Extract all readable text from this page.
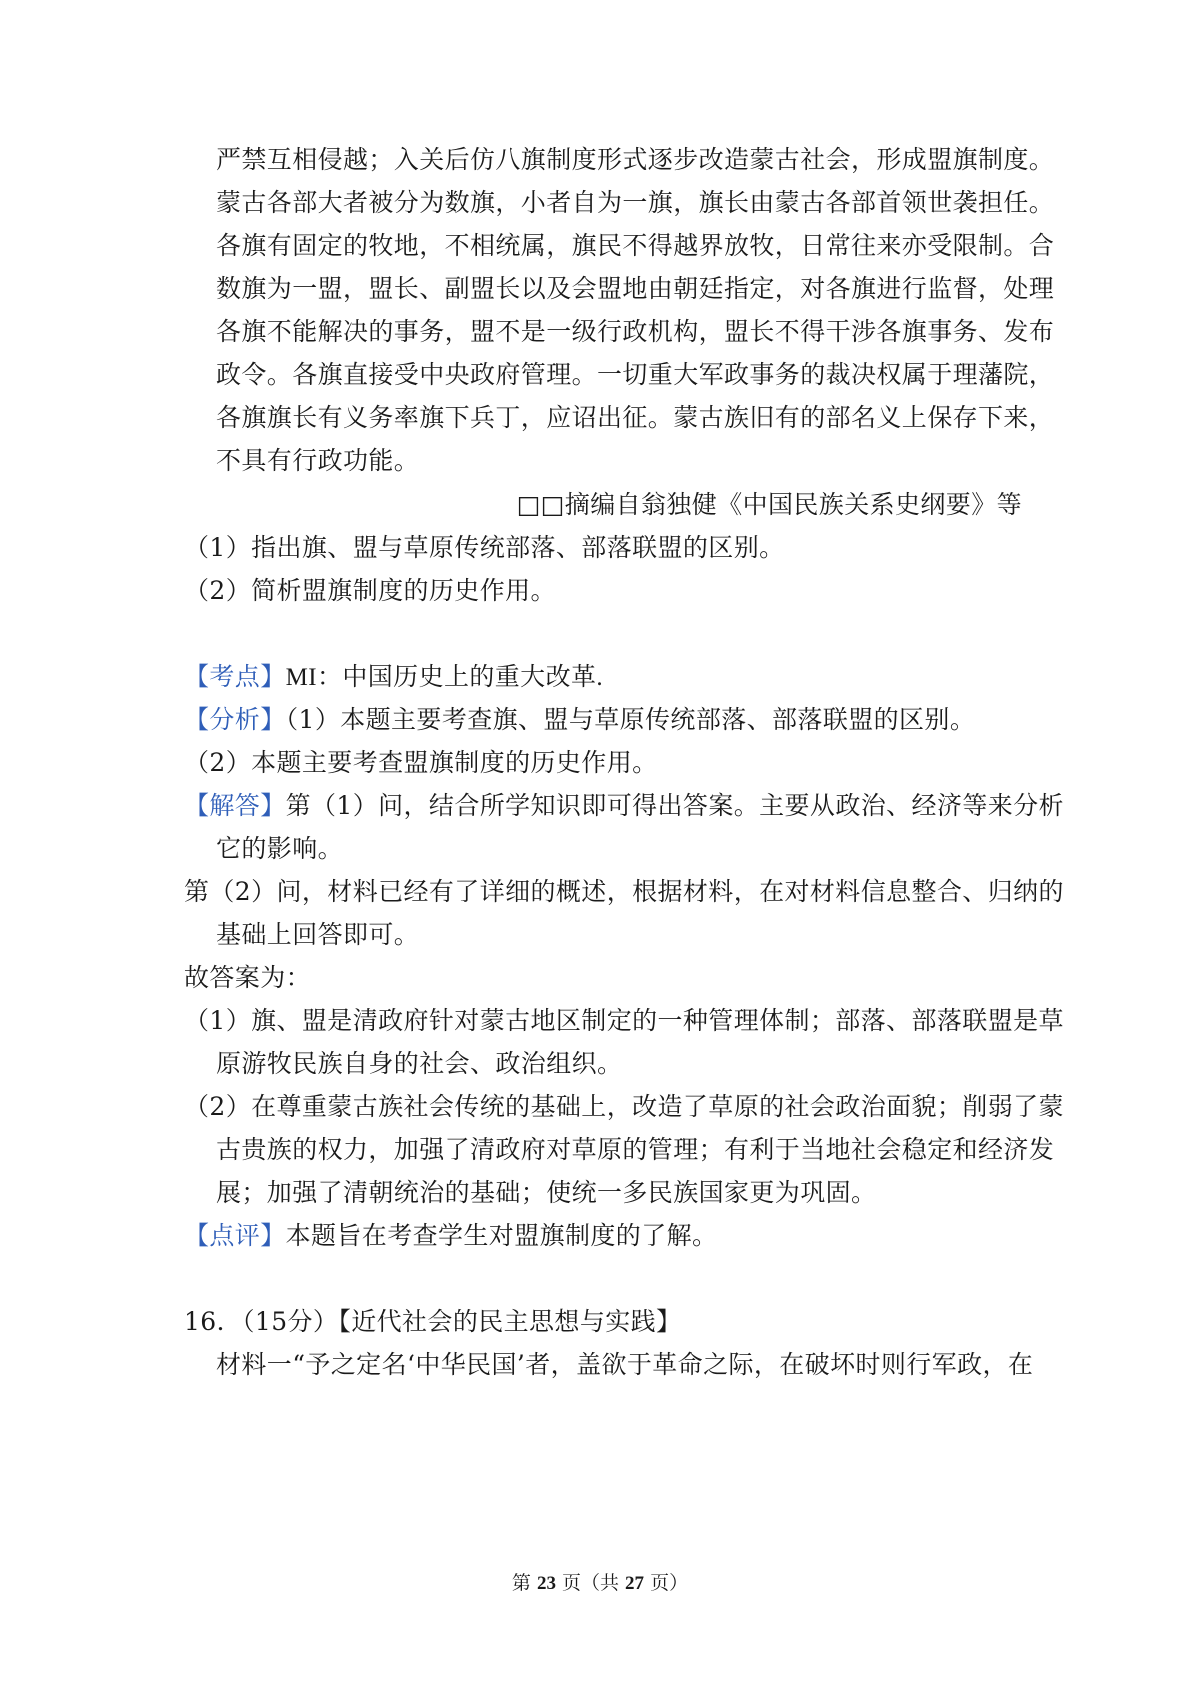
严禁互相侵越；入关后仿八旗制度形式逐步改造蒙古社会，形成盟旗制度。
蒙古各部大者被分为数旗，小者自为一旗，旗长由蒙古各部首领世袭担任。
各旗有固定的牧地，不相统属，旗民不得越界放牧，日常往来亦受限制。合
数旗为一盟，盟长、副盟长以及会盟地由朝廷指定，对各旗进行监督，处理
各旗不能解决的事务，盟不是一级行政机构，盟长不得干涉各旗事务、发布
政令。各旗直接受中央政府管理。一切重大军政事务的裁决权属于理藩院，
各旗旗长有义务率旗下兵丁，应诏出征。蒙古族旧有的部名义上保存下来，
不具有行政功能。
□□摘编自翁独健《中国民族关系史纲要》等
（1）指出旗、盟与草原传统部落、部落联盟的区别。
（2）简析盟旗制度的历史作用。
【考点】MI：中国历史上的重大改革.
【分析】（1）本题主要考查旗、盟与草原传统部落、部落联盟的区别。
（2）本题主要考查盟旗制度的历史作用。
【解答】第（1）问，结合所学知识即可得出答案。主要从政治、经济等来分析
它的影响。
第（2）问，材料已经有了详细的概述，根据材料，在对材料信息整合、归纳的
基础上回答即可。
故答案为：
（1）旗、盟是清政府针对蒙古地区制定的一种管理体制；部落、部落联盟是草
原游牧民族自身的社会、政治组织。
（2）在尊重蒙古族社会传统的基础上，改造了草原的社会政治面貌；削弱了蒙
古贵族的权力，加强了清政府对草原的管理；有利于当地社会稳定和经济发
展；加强了清朝统治的基础；使统一多民族国家更为巩固。
【点评】本题旨在考查学生对盟旗制度的了解。
16．（15分）【近代社会的民主思想与实践】
材料一“予之定名‘中华民国’者，盖欲于革命之际，在破坏时则行军政，在
第 23 页（共 27 页）
